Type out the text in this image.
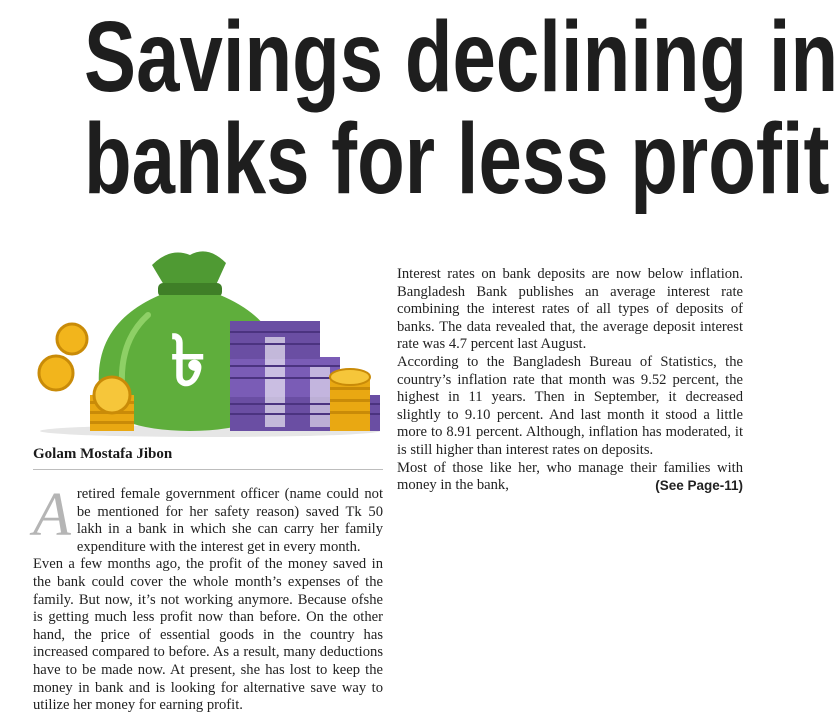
Savings declining in
banks for less profit
৳
Golam Mostafa Jibon

A retired female government officer (name could not be mentioned for her safety reason) saved Tk 50 lakh in a bank in which she can carry her family expenditure with the interest get in every month.

Even a few months ago, the profit of the money saved in the bank could cover the whole month’s expenses of the family. But now, it’s not working anymore. Because ofshe is getting much less profit now than before. On the other hand, the price of essential goods in the country has increased compared to before. As a result, many deductions have to be made now. At present, she has lost to keep the money in bank and is looking for alternative save way to utilize her money for earning profit.

Interest rates on bank deposits are now below inflation. Bangladesh Bank publishes an average interest rate combining the interest rates of all types of deposits of banks. The data revealed that, the average deposit interest rate was 4.7 percent last August.

According to the Bangladesh Bureau of Statistics, the country’s inflation rate that month was 9.52 percent, the highest in 11 years. Then in September, it decreased slightly to 9.10 percent. And last month it stood a little more to 8.91 percent. Although, inflation has moderated, it is still higher than interest rates on deposits.

Most of those like her, who manage their families with money in the bank,	(See Page-11)
